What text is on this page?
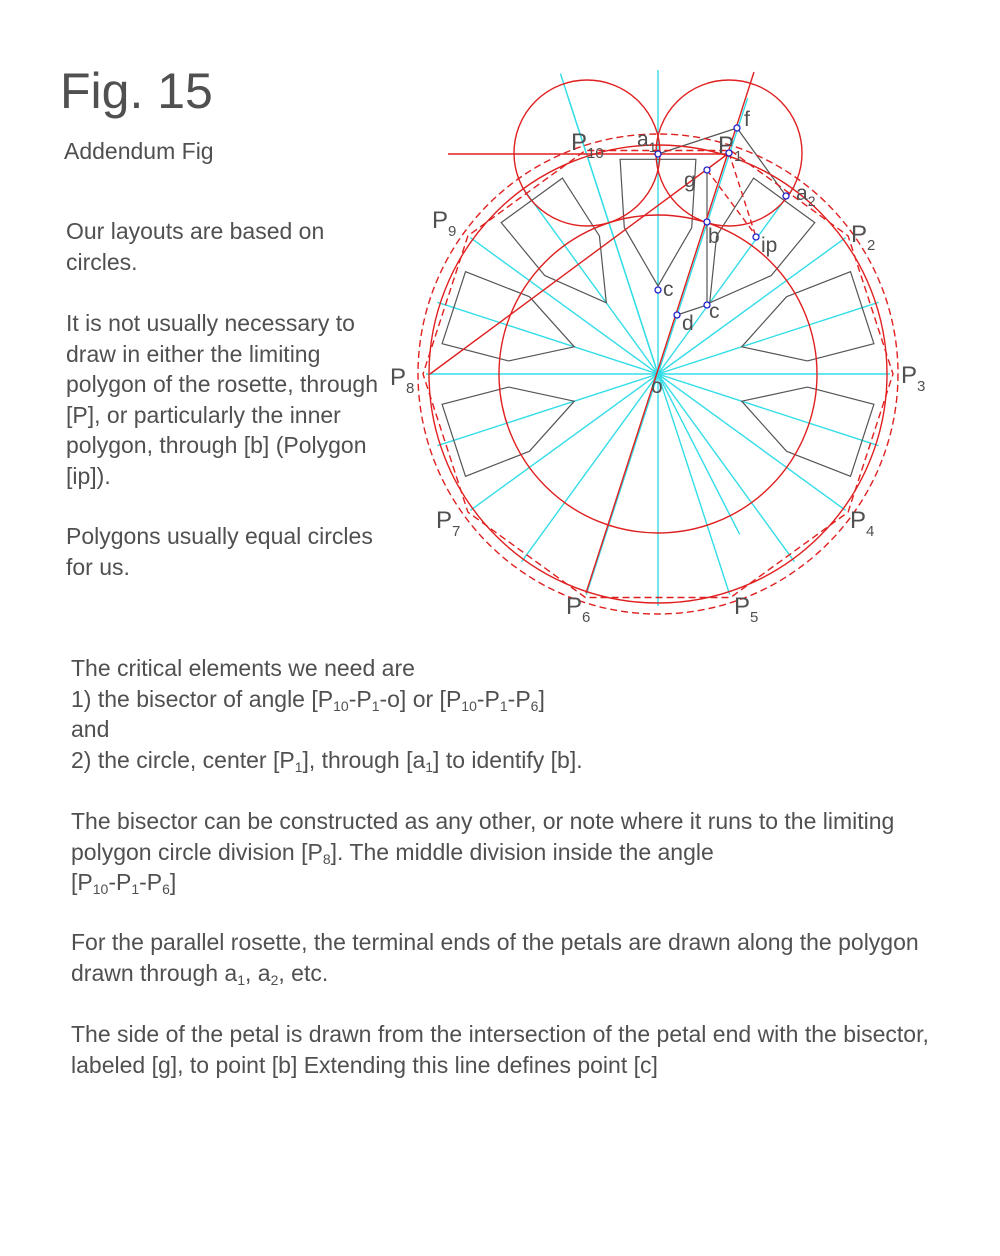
Fig. 15
Addendum Fig

Our layouts are based on circles.

It is not usually necessary to draw in either the limiting polygon of the rosette, through [P], or particularly the inner polygon, through [b] (Polygon [ip]).

Polygons usually equal circles for us.

The critical elements we need are

1) the bisector of angle $[P_{10}-P_1-o]$ or $[P_{10}-P_1-P_6]$

and

2) the circle, center $[P_1]$, through $[a_1]$ to identify [b].

The bisector can be constructed as any other, or note where it runs to the limiting polygon circle division $[P_8]$. The middle division inside the angle

$[P_{10}-P_1-P_6]$

For the parallel rosette, the terminal ends of the petals are drawn along the polygon drawn through $a_1$, $a_2$, etc.

The side of the petal is drawn from the intersection of the petal end with the bisector, labeled [g], to point [b] Extending this line defines point [c]

$P_1$
$P_2$
$P_3$
$P_4$
$P_5$
$P_6$
$P_7$
$P_8$
$P_9$
$P_{10}$
$a_1$
$a_2$
f
g
b ip
c
c
d
o
